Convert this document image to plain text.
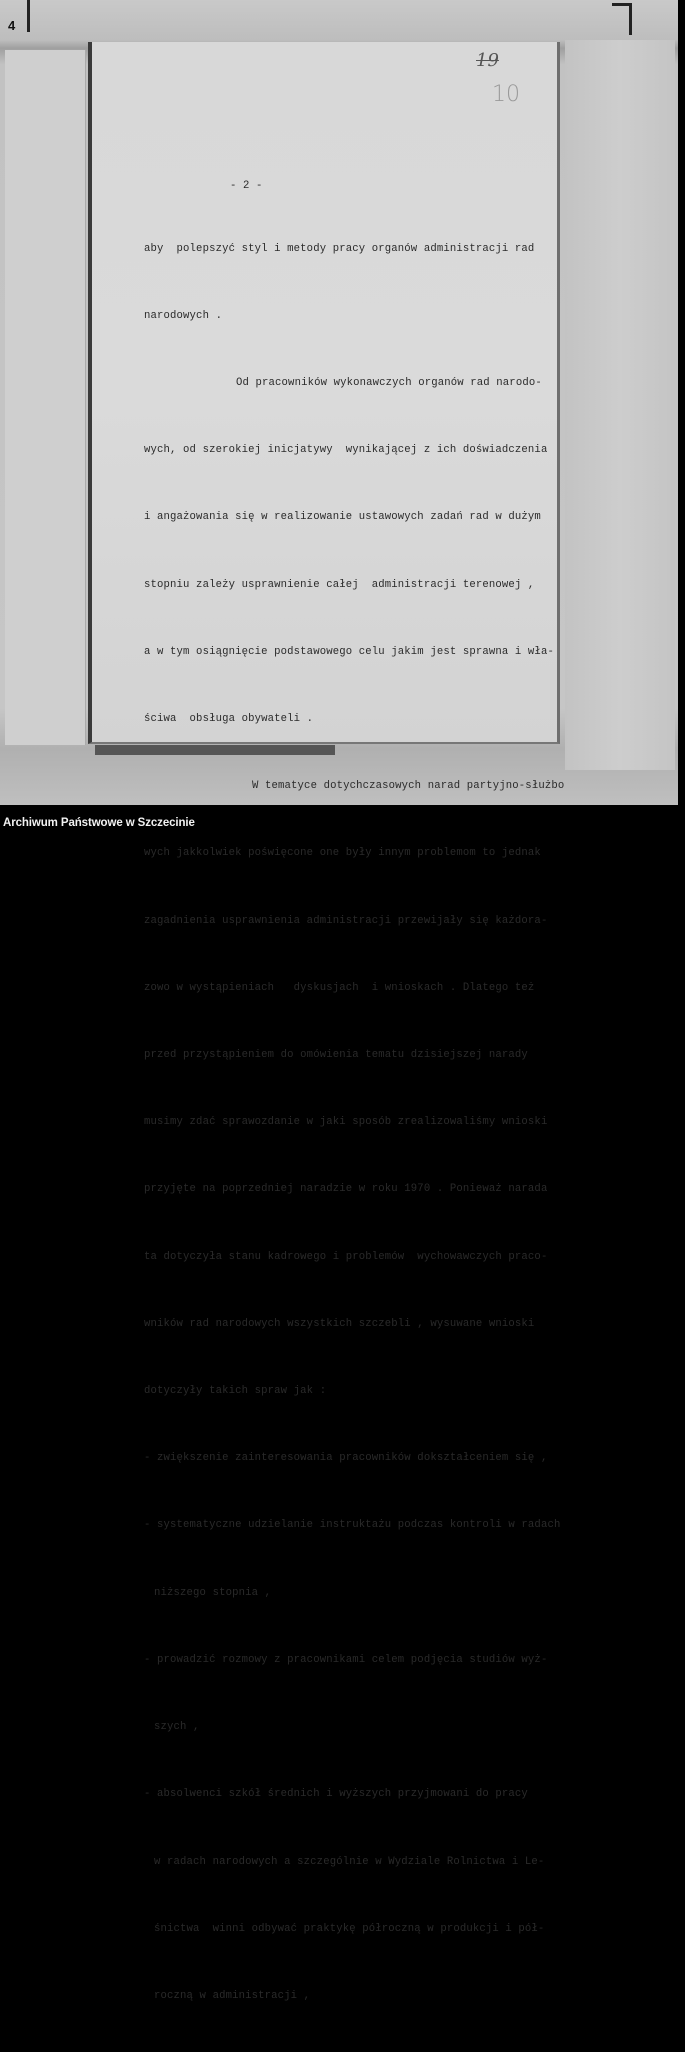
4
19
10

- 2 -

aby  polepszyć styl i metody pracy organów administracji rad

narodowych .

Od pracowników wykonawczych organów rad narodo-

wych, od szerokiej inicjatywy  wynikającej z ich doświadczenia

i angażowania się w realizowanie ustawowych zadań rad w dużym

stopniu zależy usprawnienie całej  administracji terenowej ,

a w tym osiągnięcie podstawowego celu jakim jest sprawna i wła-

ściwa  obsługa obywateli .

W tematyce dotychczasowych narad partyjno-służbo

wych jakkolwiek poświęcone one były innym problemom to jednak

zagadnienia usprawnienia administracji przewijały się każdora-

zowo w wystąpieniach   dyskusjach  i wnioskach . Dlatego też

przed przystąpieniem do omówienia tematu dzisiejszej narady

musimy zdać sprawozdanie w jaki sposób zrealizowaliśmy wnioski

przyjęte na poprzedniej naradzie w roku 1970 . Ponieważ narada

ta dotyczyła stanu kadrowego i problemów  wychowawczych praco-

wników rad narodowych wszystkich szczebli , wysuwane wnioski

dotyczyły takich spraw jak :

- zwiększenie zainteresowania pracowników dokształceniem się ,

- systematyczne udzielanie instruktażu podczas kontroli w radach

niższego stopnia ,

- prowadzić rozmowy z pracownikami celem podjęcia studiów wyż-

szych ,

- absolwenci szkół średnich i wyższych przyjmowani do pracy

w radach narodowych a szczególnie w Wydziale Rolnictwa i Le-

śnictwa  winni odbywać praktykę półroczną w produkcji i pół-

roczną w administracji ,

Archiwum Państwowe w Szczecinie
